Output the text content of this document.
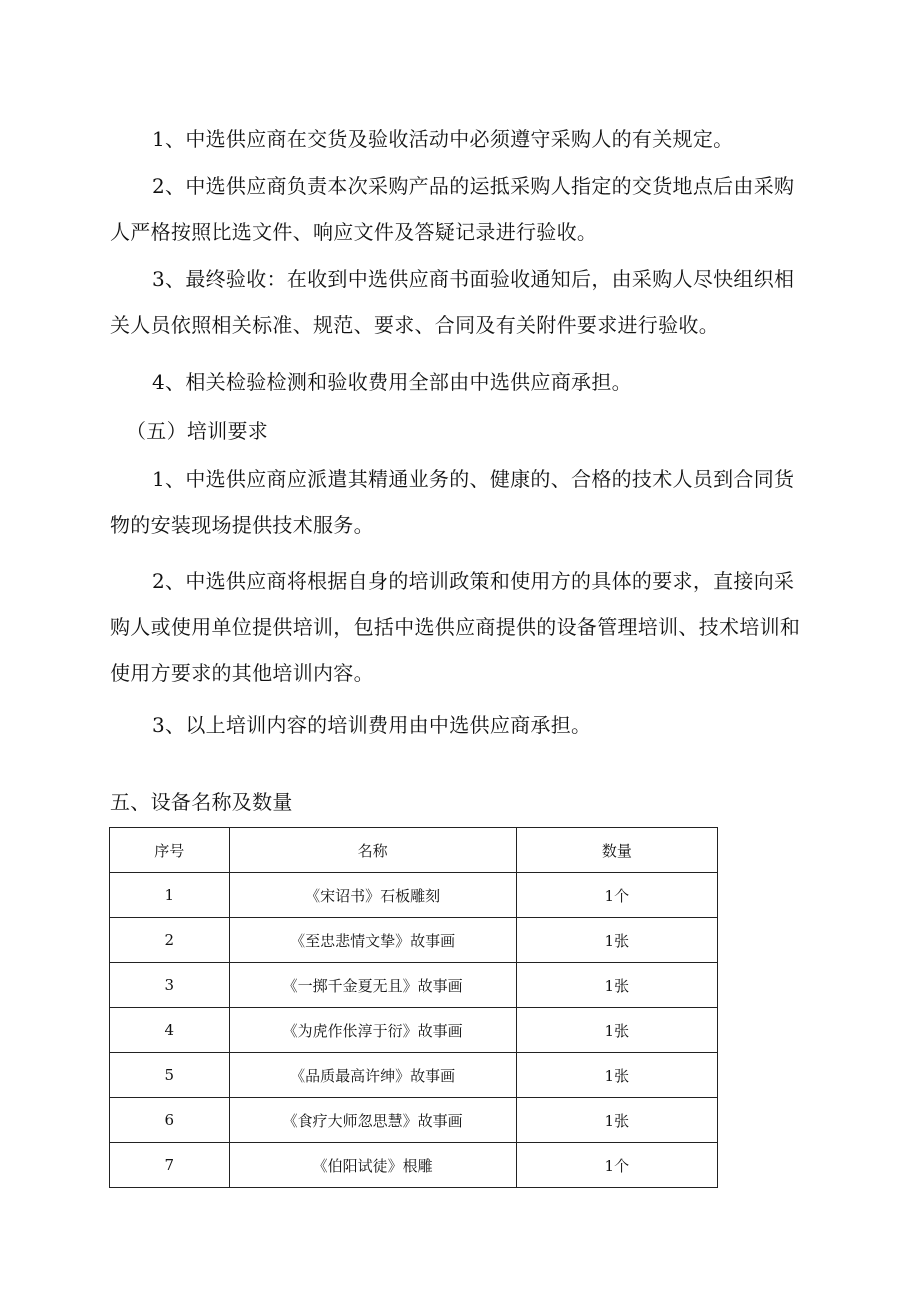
1、中选供应商在交货及验收活动中必须遵守采购人的有关规定。
2、中选供应商负责本次采购产品的运抵采购人指定的交货地点后由采购人严格按照比选文件、响应文件及答疑记录进行验收。
3、最终验收：在收到中选供应商书面验收通知后，由采购人尽快组织相关人员依照相关标准、规范、要求、合同及有关附件要求进行验收。
4、相关检验检测和验收费用全部由中选供应商承担。
（五）培训要求
1、中选供应商应派遣其精通业务的、健康的、合格的技术人员到合同货物的安装现场提供技术服务。
2、中选供应商将根据自身的培训政策和使用方的具体的要求，直接向采购人或使用单位提供培训，包括中选供应商提供的设备管理培训、技术培训和使用方要求的其他培训内容。
3、以上培训内容的培训费用由中选供应商承担。
五、设备名称及数量
序号	名称	数量
1	《宋诏书》石板雕刻	1个
2	《至忠悲情文挚》故事画	1张
3	《一掷千金夏无且》故事画	1张
4	《为虎作伥淳于衍》故事画	1张
5	《品质最高许绅》故事画	1张
6	《食疗大师忽思慧》故事画	1张
7	《伯阳试徒》根雕	1个
